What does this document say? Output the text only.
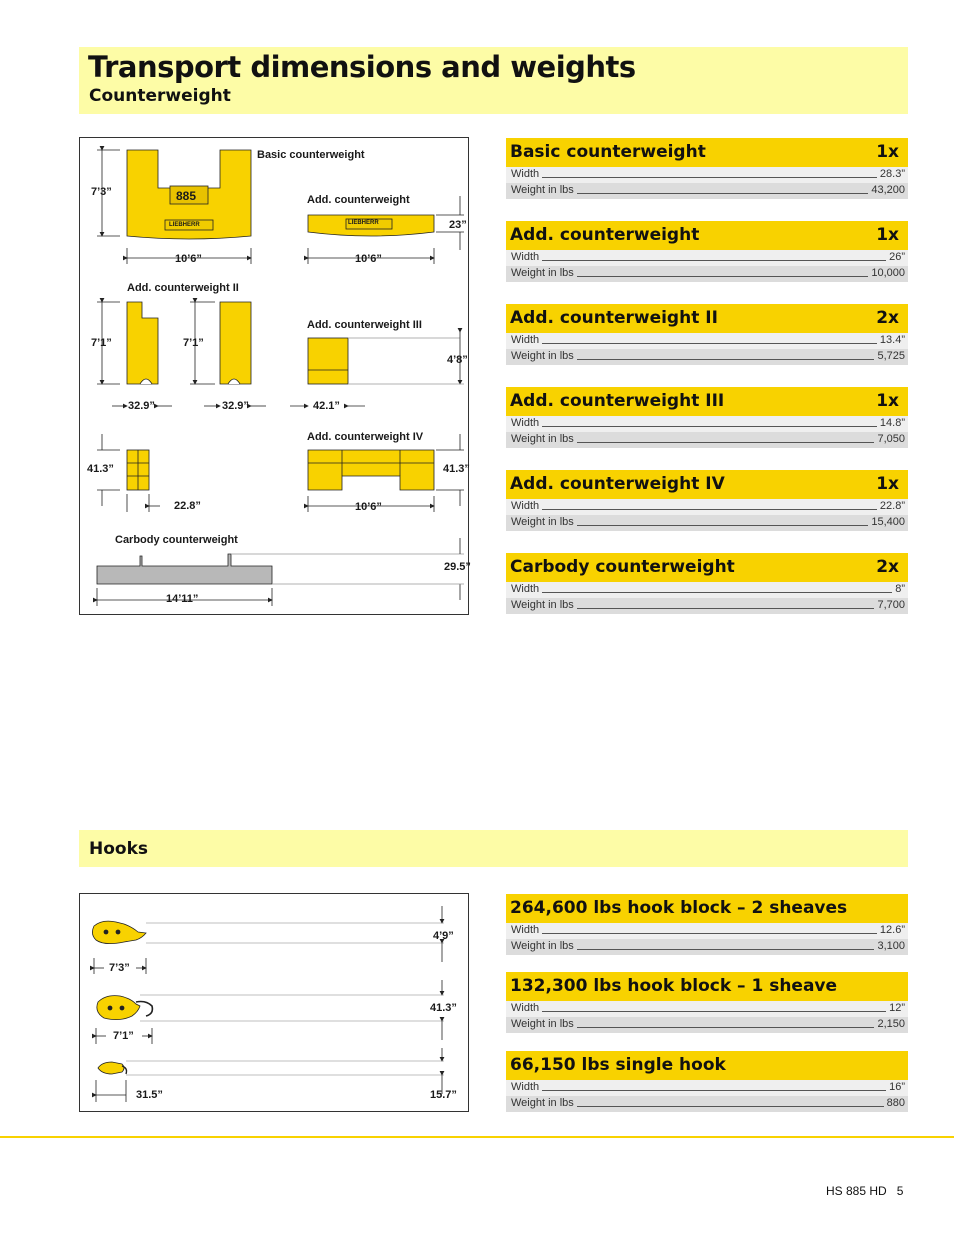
Transport dimensions and weights
Counterweight
Basic counterweight
7’3”
10’6”
885
LIEBHERR
Add. counterweight
23”
10’6”
LIEBHERR
Add. counterweight II
7’1”	7’1”
32.9”	32.9”
Add. counterweight III
4’8”
42.1”
Add. counterweight IV
41.3”
22.8”
41.3”
10’6”
Carbody counterweight
29.5”
14’11”
Basic counterweight	1x
Width	28.3”
Weight in lbs	43,200
Add. counterweight	1x
Width	26”
Weight in lbs	10,000
Add. counterweight II	2x
Width	13.4”
Weight in lbs	5,725
Add. counterweight III	1x
Width	14.8”
Weight in lbs	7,050
Add. counterweight IV	1x
Width	22.8”
Weight in lbs	15,400
Carbody counterweight	2x
Width	8”
Weight in lbs	7,700
Hooks
4’9”
7’3”
41.3”
7’1”
15.7”
31.5”
264,600 lbs hook block – 2 sheaves
Width	12.6”
Weight in lbs	3,100
132,300 lbs hook block – 1 sheave
Width	12”
Weight in lbs	2,150
66,150 lbs single hook
Width	16”
Weight in lbs	880
HS 885 HD 5
